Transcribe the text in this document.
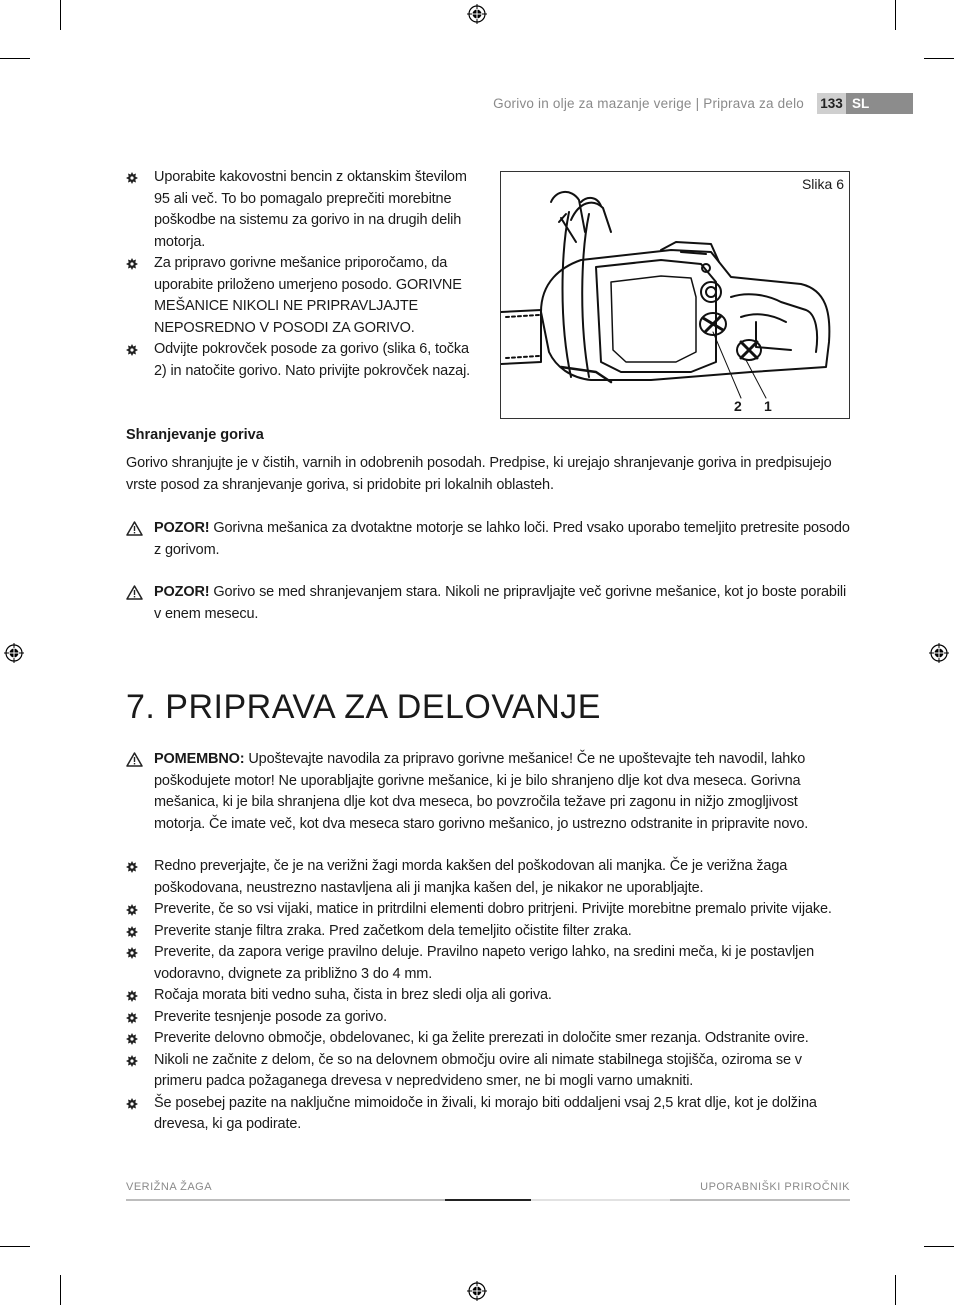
Gorivo in olje za mazanje verige | Priprava za delo 133 SL
Uporabite kakovostni bencin z oktanskim številom 95 ali več. To bo pomagalo preprečiti morebitne poškodbe na sistemu za gorivo in na drugih delih motorja.
Za pripravo gorivne mešanice priporočamo, da uporabite priloženo umerjeno posodo. GORIVNE MEŠANICE NIKOLI NE PRIPRAVLJAJTE NEPOSREDNO V POSODI ZA GORIVO.
Odvijte pokrovček posode za gorivo (slika 6, točka 2) in natočite gorivo. Nato privijte pokrovček nazaj.
Slika 6
2 1
Shranjevanje goriva
Gorivo shranjujte je v čistih, varnih in odobrenih posodah. Predpise, ki urejajo shranjevanje goriva in predpisujejo vrste posod za shranjevanje goriva, si pridobite pri lokalnih oblasteh.
POZOR! Gorivna mešanica za dvotaktne motorje se lahko loči. Pred vsako uporabo temeljito pretresite posodo z gorivom.
POZOR! Gorivo se med shranjevanjem stara. Nikoli ne pripravljajte več gorivne mešanice, kot jo boste porabili v enem mesecu.
7. PRIPRAVA ZA DELOVANJE
POMEMBNO: Upoštevajte navodila za pripravo gorivne mešanice! Če ne upoštevajte teh navodil, lahko poškodujete motor! Ne uporabljajte gorivne mešanice, ki je bilo shranjeno dlje kot dva meseca. Gorivna mešanica, ki je bila shranjena dlje kot dva meseca, bo povzročila težave pri zagonu in nižjo zmogljivost motorja. Če imate več, kot dva meseca staro gorivno mešanico, jo ustrezno odstranite in pripravite novo.
Redno preverjajte, če je na verižni žagi morda kakšen del poškodovan ali manjka. Če je verižna žaga poškodovana, neustrezno nastavljena ali ji manjka kašen del, je nikakor ne uporabljajte.
Preverite, če so vsi vijaki, matice in pritrdilni elementi dobro pritrjeni. Privijte morebitne premalo privite vijake.
Preverite stanje filtra zraka. Pred začetkom dela temeljito očistite filter zraka.
Preverite, da zapora verige pravilno deluje. Pravilno napeto verigo lahko, na sredini meča, ki je postavljen vodoravno, dvignete za približno 3 do 4 mm.
Ročaja morata biti vedno suha, čista in brez sledi olja ali goriva.
Preverite tesnjenje posode za gorivo.
Preverite delovno območje, obdelovanec, ki ga želite prerezati in določite smer rezanja. Odstranite ovire.
Nikoli ne začnite z delom, če so na delovnem območju ovire ali nimate stabilnega stojišča, oziroma se v primeru padca požaganega drevesa v nepredvideno smer, ne bi mogli varno umakniti.
Še posebej pazite na naključne mimoidoče in živali, ki morajo biti oddaljeni vsaj 2,5 krat dlje, kot je dolžina drevesa, ki ga podirate.
VERIŽNA ŽAGA	UPORABNIŠKI PRIROČNIK
